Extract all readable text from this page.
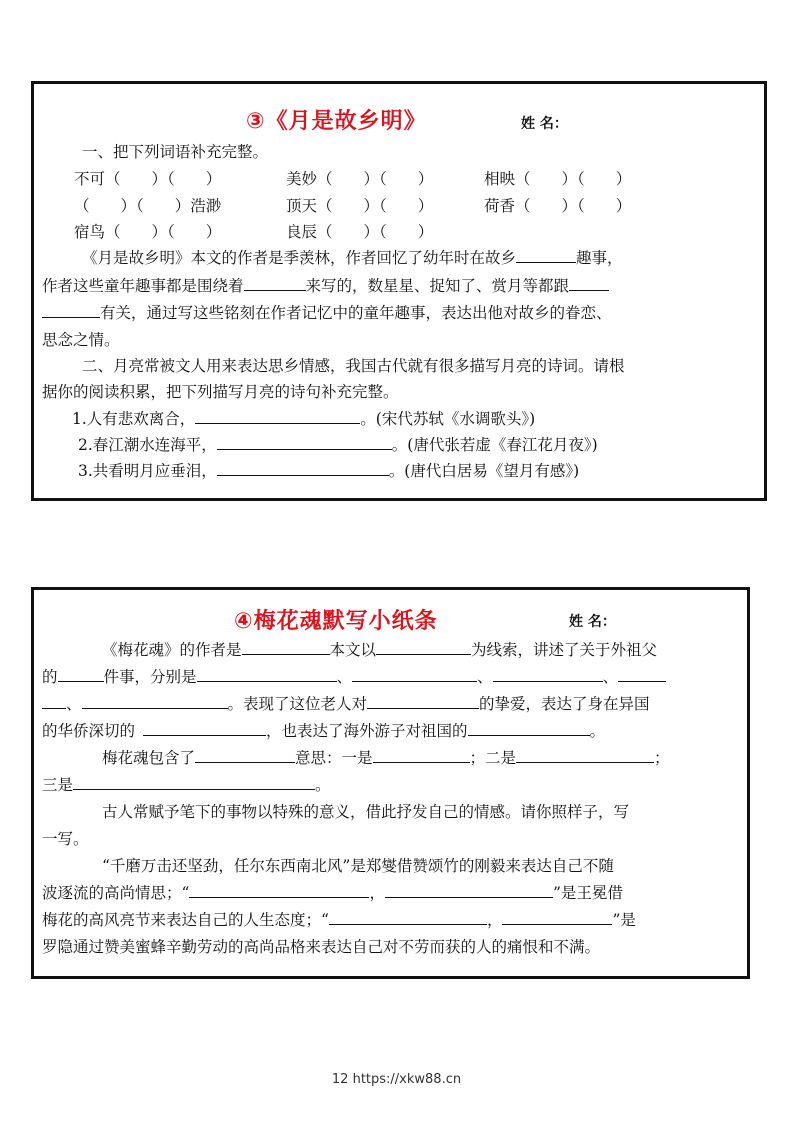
③《月是故乡明》	姓 名：
一、把下列词语补充完整。
不可（　　）（　　）	美妙（　　）（　　）	相映（　　）（　　）
（　　）（　　）浩渺	顶天（　　）（　　）	荷香（　　）（　　）
宿鸟（　　）（　　）	良辰（　　）（　　）
《月是故乡明》本文的作者是季羡林，作者回忆了幼年时在故乡	趣事，
作者这些童年趣事都是围绕着	来写的，数星星、捉知了、赏月等都跟
有关，通过写这些铭刻在作者记忆中的童年趣事，表达出他对故乡的眷恋、
思念之情。
二、月亮常被文人用来表达思乡情感，我国古代就有很多描写月亮的诗词。请根
据你的阅读积累，把下列描写月亮的诗句补充完整。
1.人有悲欢离合，	。(宋代苏轼《水调歌头》)
2.春江潮水连海平，	。(唐代张若虚《春江花月夜》)
3.共看明月应垂泪，	。(唐代白居易《望月有感》)
④梅花魂默写小纸条	姓 名：
《梅花魂》的作者是	本文以	为线索，讲述了关于外祖父
的	件事，分别是	、	、	、
、	。表现了这位老人对	的挚爱，表达了身在异国
的华侨深切的	，也表达了海外游子对祖国的	。
梅花魂包含了	意思：一是	；二是	；
三是	。
古人常赋予笔下的事物以特殊的意义，借此抒发自己的情感。请你照样子，写
一写。
“千磨万击还坚劲，任尔东西南北风”是郑燮借赞颂竹的刚毅来表达自己不随
波逐流的高尚情思；“	，	”是王冕借
梅花的高风亮节来表达自己的人生态度；“	，	”是
罗隐通过赞美蜜蜂辛勤劳动的高尚品格来表达自己对不劳而获的人的痛恨和不满。
12 https://xkw88.cn
